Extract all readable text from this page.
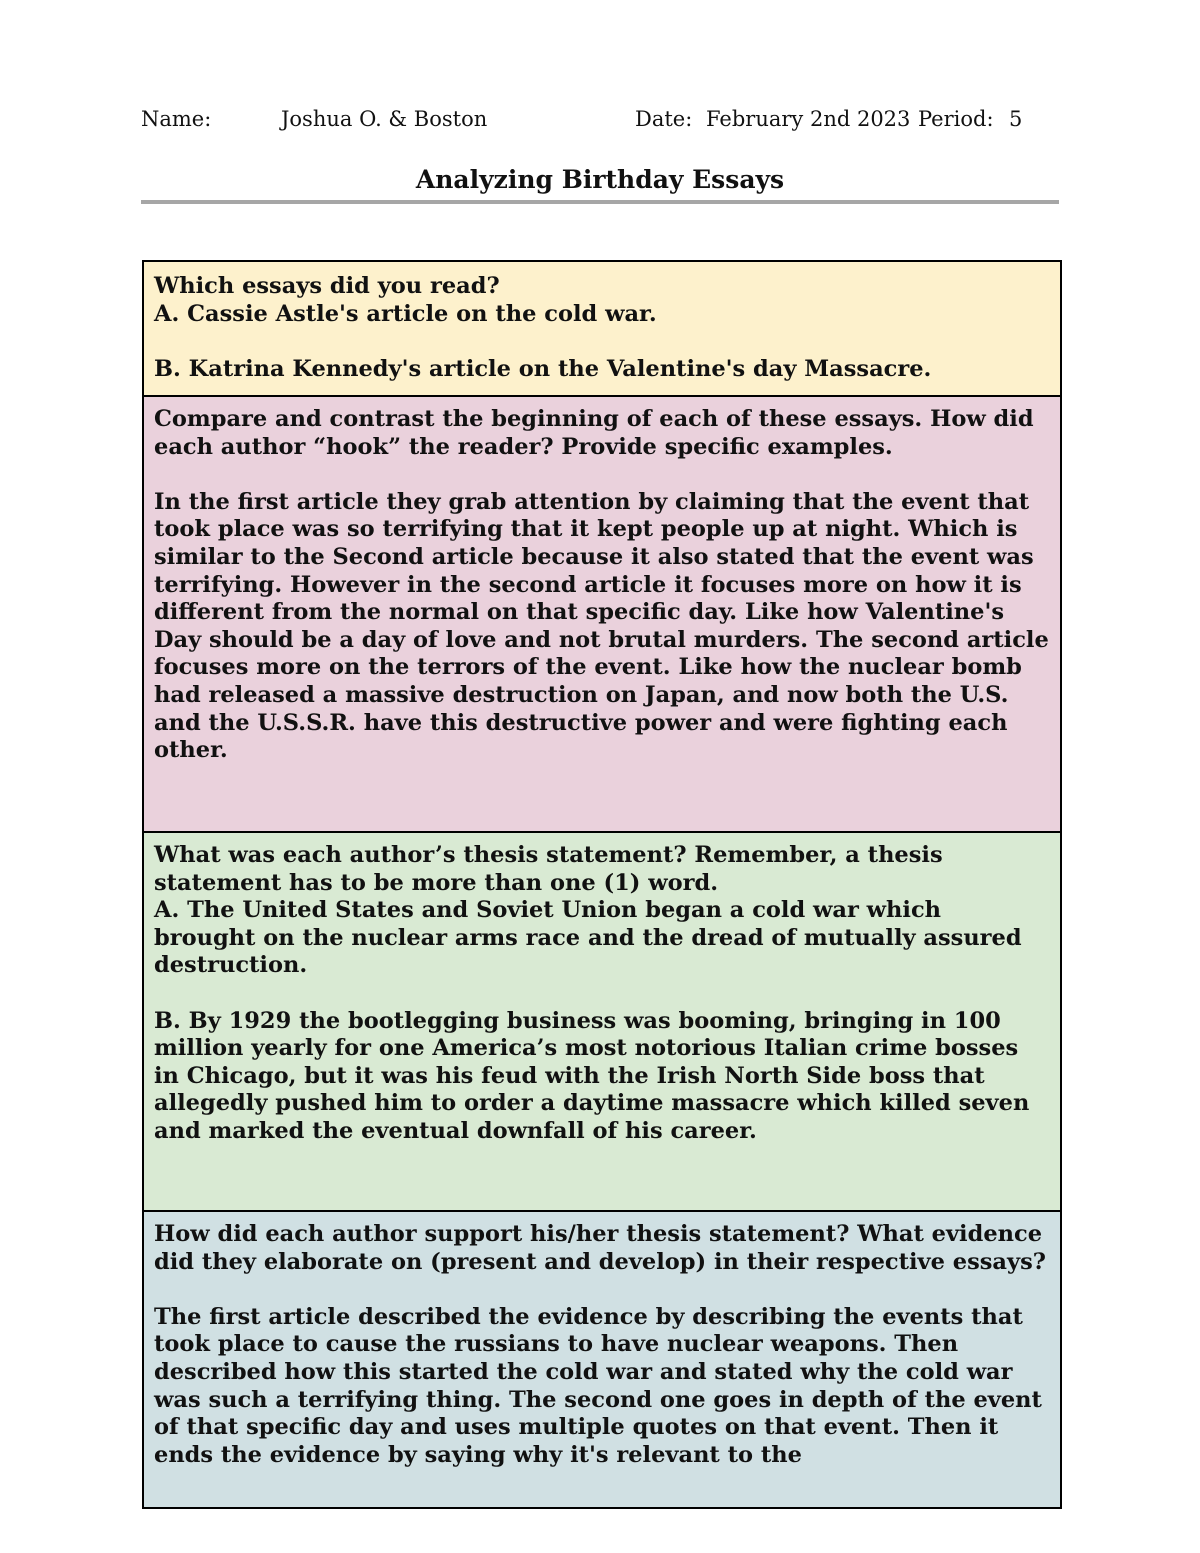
Name:	Joshua O. & Boston	Date: February 2nd 2023 Period: 5
Analyzing Birthday Essays

Which essays did you read?

A. Cassie Astle's article on the cold war.

B. Katrina Kennedy's article on the Valentine's day Massacre.

Compare and contrast the beginning of each of these essays. How did each author “hook” the reader? Provide specific examples.

In the first article they grab attention by claiming that the event that took place was so terrifying that it kept people up at night. Which is similar to the Second article because it also stated that the event was terrifying. However in the second article it focuses more on how it is different from the normal on that specific day. Like how Valentine's Day should be a day of love and not brutal murders. The second article focuses more on the terrors of the event. Like how the nuclear bomb had released a massive destruction on Japan, and now both the U.S. and the U.S.S.R. have this destructive power and were fighting each other.

What was each author’s thesis statement? Remember, a thesis statement has to be more than one (1) word.

A. The United States and Soviet Union began a cold war which brought on the nuclear arms race and the dread of mutually assured destruction.

B. By 1929 the bootlegging business was booming, bringing in 100 million yearly for one America’s most notorious Italian crime bosses in Chicago, but it was his feud with the Irish North Side boss that allegedly pushed him to order a daytime massacre which killed seven and marked the eventual downfall of his career.

How did each author support his/her thesis statement? What evidence did they elaborate on (present and develop) in their respective essays?

The first article described the evidence by describing the events that took place to cause the russians to have nuclear weapons. Then described how this started the cold war and stated why the cold war was such a terrifying thing. The second one goes in depth of the event of that specific day and uses multiple quotes on that event. Then it ends the evidence by saying why it's relevant to the
